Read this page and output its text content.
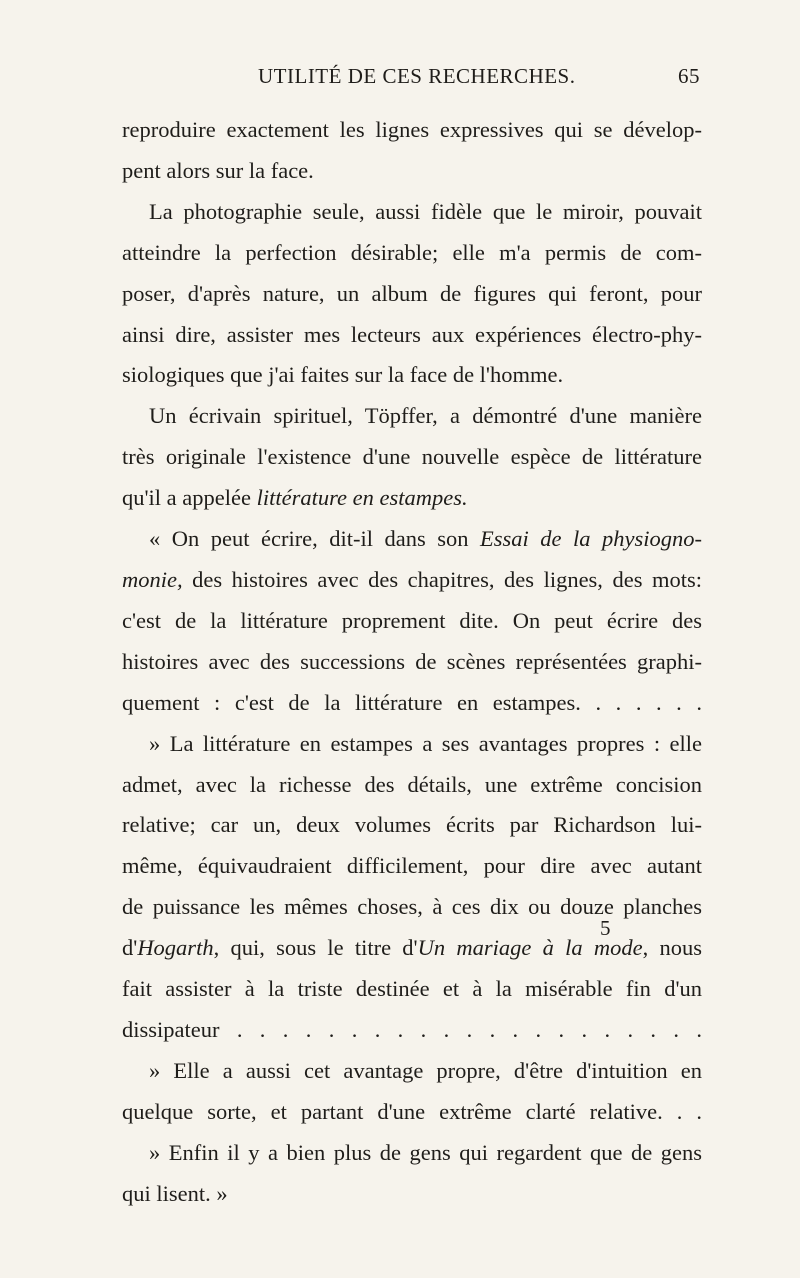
UTILITÉ DE CES RECHERCHES.	65
reproduire exactement les lignes expressives qui se dévelop-
pent alors sur la face.
La photographie seule, aussi fidèle que le miroir, pouvait
atteindre la perfection désirable; elle m'a permis de com-
poser, d'après nature, un album de figures qui feront, pour
ainsi dire, assister mes lecteurs aux expériences électro-phy-
siologiques que j'ai faites sur la face de l'homme.
Un écrivain spirituel, Töpffer, a démontré d'une manière
très originale l'existence d'une nouvelle espèce de littérature
qu'il a appelée littérature en estampes.
« On peut écrire, dit-il dans son Essai de la physiogno-
monie, des histoires avec des chapitres, des lignes, des mots:
c'est de la littérature proprement dite. On peut écrire des
histoires avec des successions de scènes représentées graphi-
quement : c'est de la littérature en estampes. . . . . . .
» La littérature en estampes a ses avantages propres : elle
admet, avec la richesse des détails, une extrême concision
relative; car un, deux volumes écrits par Richardson lui-
même, équivaudraient difficilement, pour dire avec autant
de puissance les mêmes choses, à ces dix ou douze planches
d'Hogarth, qui, sous le titre d'Un mariage à la mode, nous
fait assister à la triste destinée et à la misérable fin d'un
dissipateur . . . . . . . . . . . . . . . . . . . . .
» Elle a aussi cet avantage propre, d'être d'intuition en
quelque sorte, et partant d'une extrême clarté relative. . .
» Enfin il y a bien plus de gens qui regardent que de gens
qui lisent. »
5
